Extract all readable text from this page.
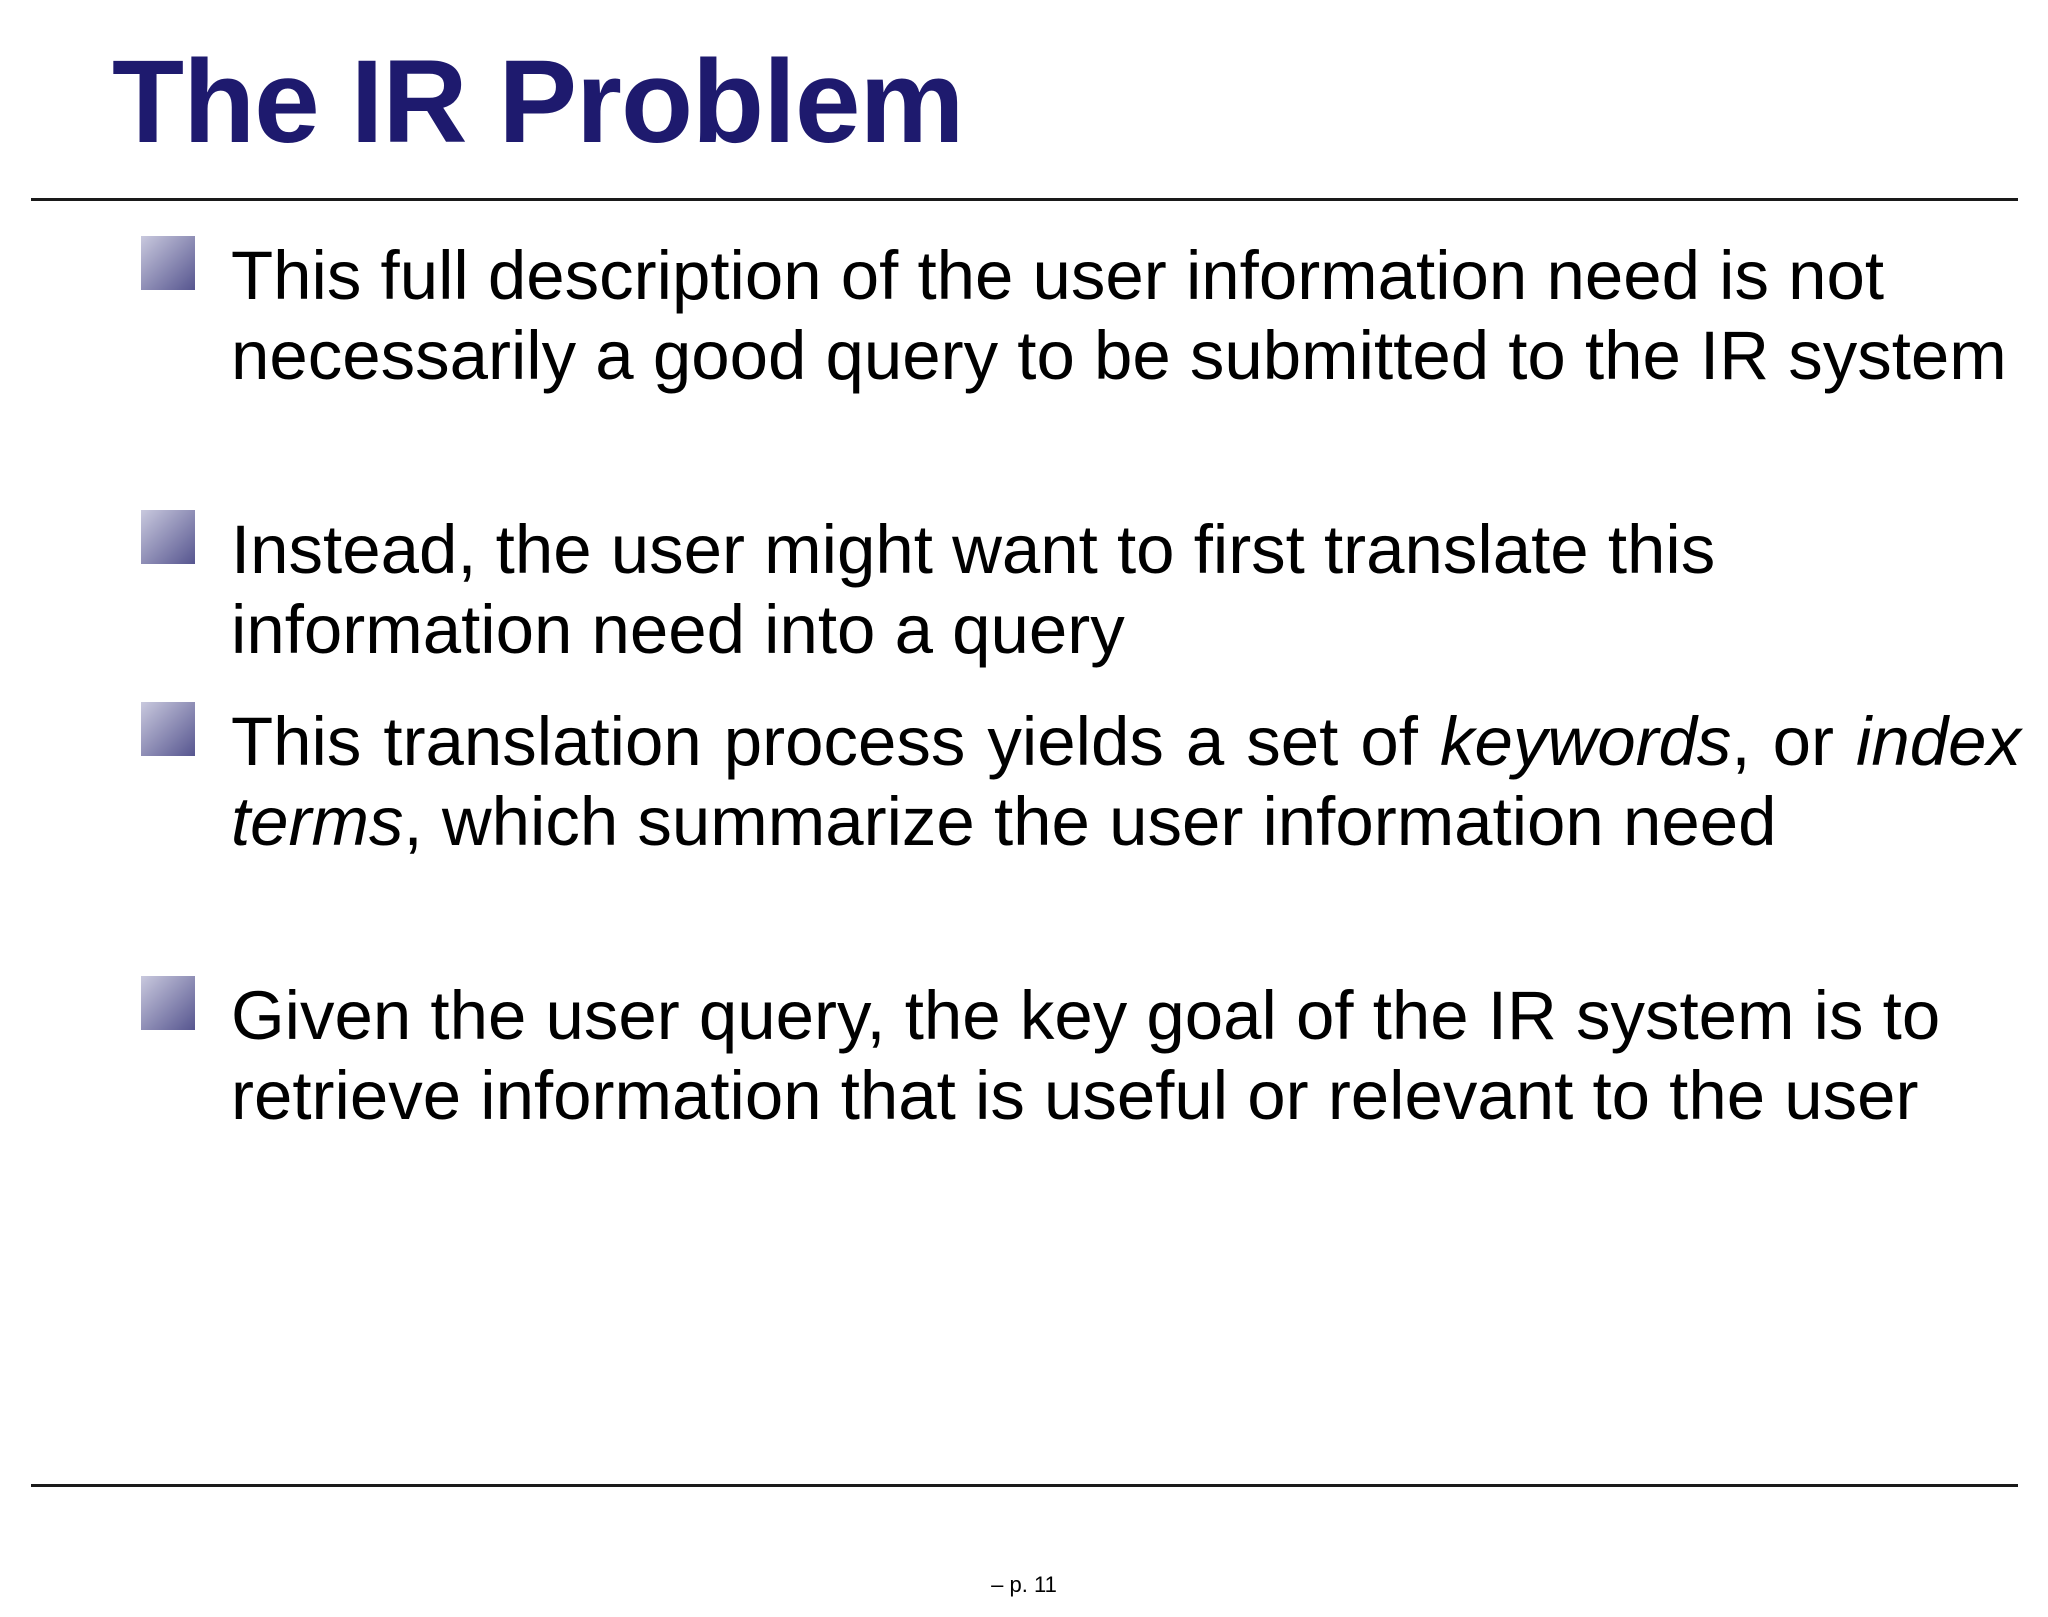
The IR Problem

This full description of the user information need is not necessarily a good query to be submitted to the IR system

Instead, the user might want to first translate this information need into a query

This translation process yields a set of keywords, or index terms, which summarize the user information need

Given the user query, the key goal of the IR system is to retrieve information that is useful or relevant to the user

– p. 11
